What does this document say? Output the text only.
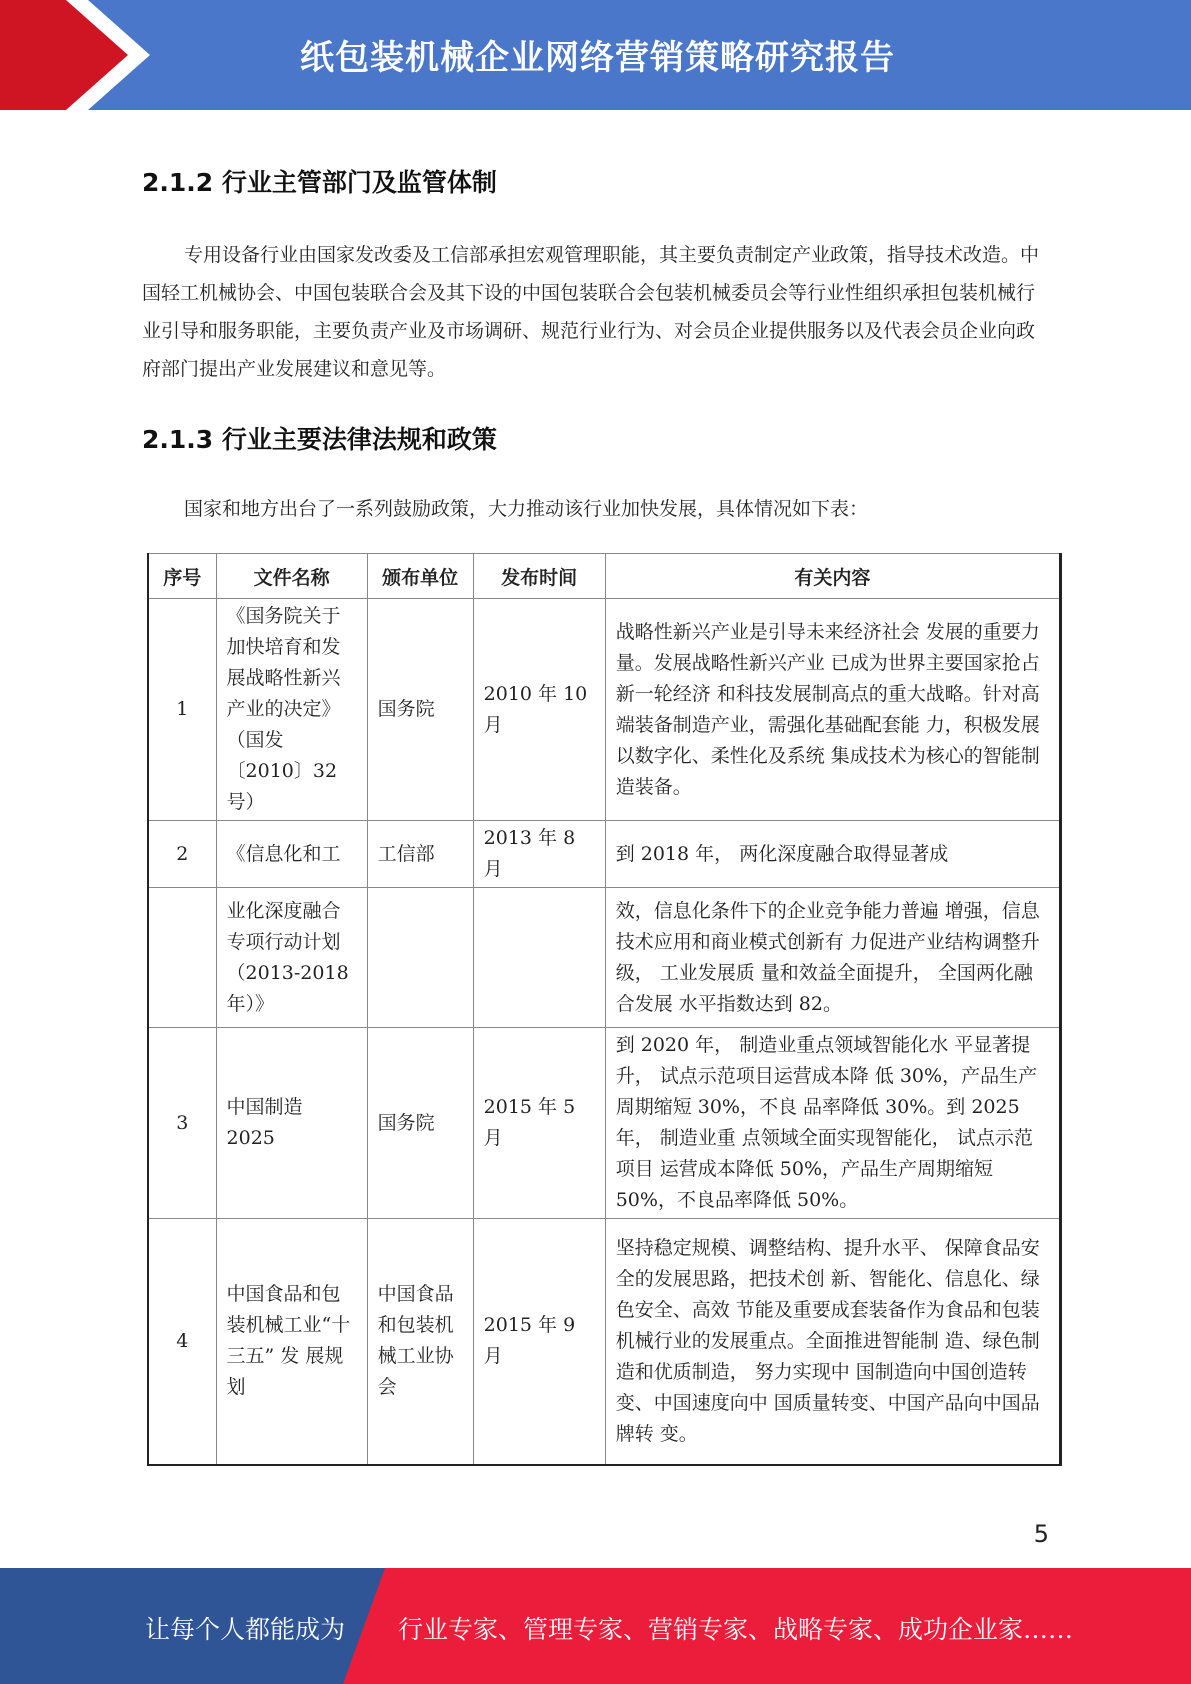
纸包装机械企业网络营销策略研究报告
2.1.2 行业主管部门及监管体制
专用设备行业由国家发改委及工信部承担宏观管理职能，其主要负责制定产业政策，指导技术改造。中国轻工机械协会、中国包装联合会及其下设的中国包装联合会包装机械委员会等行业性组织承担包装机械行业引导和服务职能，主要负责产业及市场调研、规范行业行为、对会员企业提供服务以及代表会员企业向政府部门提出产业发展建议和意见等。
2.1.3 行业主要法律法规和政策
国家和地方出台了一系列鼓励政策，大力推动该行业加快发展，具体情况如下表：
序号	文件名称	颁布单位	发布时间	有关内容
1	《国务院关于加快培育和发展战略性新兴产业的决定》（国发〔2010〕32号）	国务院	2010 年 10 月	战略性新兴产业是引导未来经济社会 发展的重要力量。发展战略性新兴产业 已成为世界主要国家抢占新一轮经济 和科技发展制高点的重大战略。针对高 端装备制造产业，需强化基础配套能 力，积极发展以数字化、柔性化及系统 集成技术为核心的智能制造装备。
2	《信息化和工	工信部	2013 年 8 月	到 2018 年， 两化深度融合取得显著成
	业化深度融合专项行动计划（2013-2018年）》			效，信息化条件下的企业竞争能力普遍 增强，信息技术应用和商业模式创新有 力促进产业结构调整升级， 工业发展质 量和效益全面提升， 全国两化融合发展 水平指数达到 82。
3	中国制造 2025	国务院	2015 年 5 月	到 2020 年， 制造业重点领域智能化水 平显著提升， 试点示范项目运营成本降 低 30%，产品生产周期缩短 30%，不良 品率降低 30%。到 2025 年， 制造业重 点领域全面实现智能化， 试点示范项目 运营成本降低 50%，产品生产周期缩短 50%，不良品率降低 50%。
4	中国食品和包装机械工业“十三五” 发 展规划	中国食品和包装机械工业协会	2015 年 9 月	坚持稳定规模、调整结构、提升水平、 保障食品安全的发展思路，把技术创 新、智能化、信息化、绿色安全、高效 节能及重要成套装备作为食品和包装 机械行业的发展重点。全面推进智能制 造、绿色制造和优质制造， 努力实现中 国制造向中国创造转变、中国速度向中 国质量转变、中国产品向中国品牌转 变。
5
让每个人都能成为 行业专家、管理专家、营销专家、战略专家、成功企业家……
